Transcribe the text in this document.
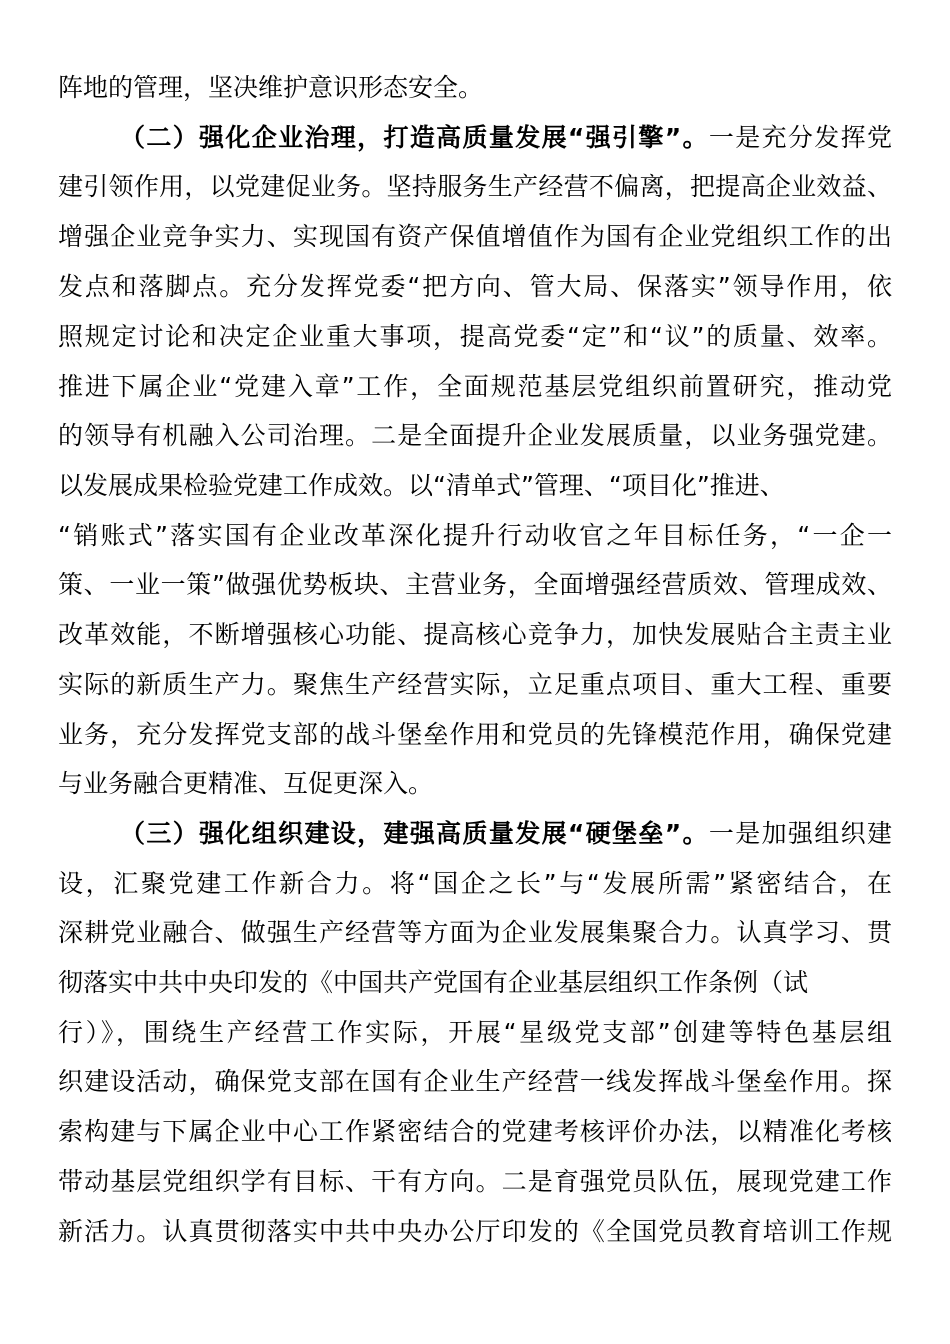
阵地的管理，坚决维护意识形态安全。
（二）强化企业治理，打造高质量发展“强引擎”。一是充分发挥党
建引领作用，以党建促业务。坚持服务生产经营不偏离，把提高企业效益、
增强企业竞争实力、实现国有资产保值增值作为国有企业党组织工作的出
发点和落脚点。充分发挥党委“把方向、管大局、保落实”领导作用，依
照规定讨论和决定企业重大事项，提高党委“定”和“议”的质量、效率。
推进下属企业“党建入章”工作，全面规范基层党组织前置研究，推动党
的领导有机融入公司治理。二是全面提升企业发展质量，以业务强党建。
以发展成果检验党建工作成效。以“清单式”管理、“项目化”推进、
“销账式”落实国有企业改革深化提升行动收官之年目标任务，“一企一
策、一业一策”做强优势板块、主营业务，全面增强经营质效、管理成效、
改革效能，不断增强核心功能、提高核心竞争力，加快发展贴合主责主业
实际的新质生产力。聚焦生产经营实际，立足重点项目、重大工程、重要
业务，充分发挥党支部的战斗堡垒作用和党员的先锋模范作用，确保党建
与业务融合更精准、互促更深入。
（三）强化组织建设，建强高质量发展“硬堡垒”。一是加强组织建
设，汇聚党建工作新合力。将“国企之长”与“发展所需”紧密结合，在
深耕党业融合、做强生产经营等方面为企业发展集聚合力。认真学习、贯
彻落实中共中央印发的《中国共产党国有企业基层组织工作条例（试
行）》，围绕生产经营工作实际，开展“星级党支部”创建等特色基层组
织建设活动，确保党支部在国有企业生产经营一线发挥战斗堡垒作用。探
索构建与下属企业中心工作紧密结合的党建考核评价办法，以精准化考核
带动基层党组织学有目标、干有方向。二是育强党员队伍，展现党建工作
新活力。认真贯彻落实中共中央办公厅印发的《全国党员教育培训工作规
